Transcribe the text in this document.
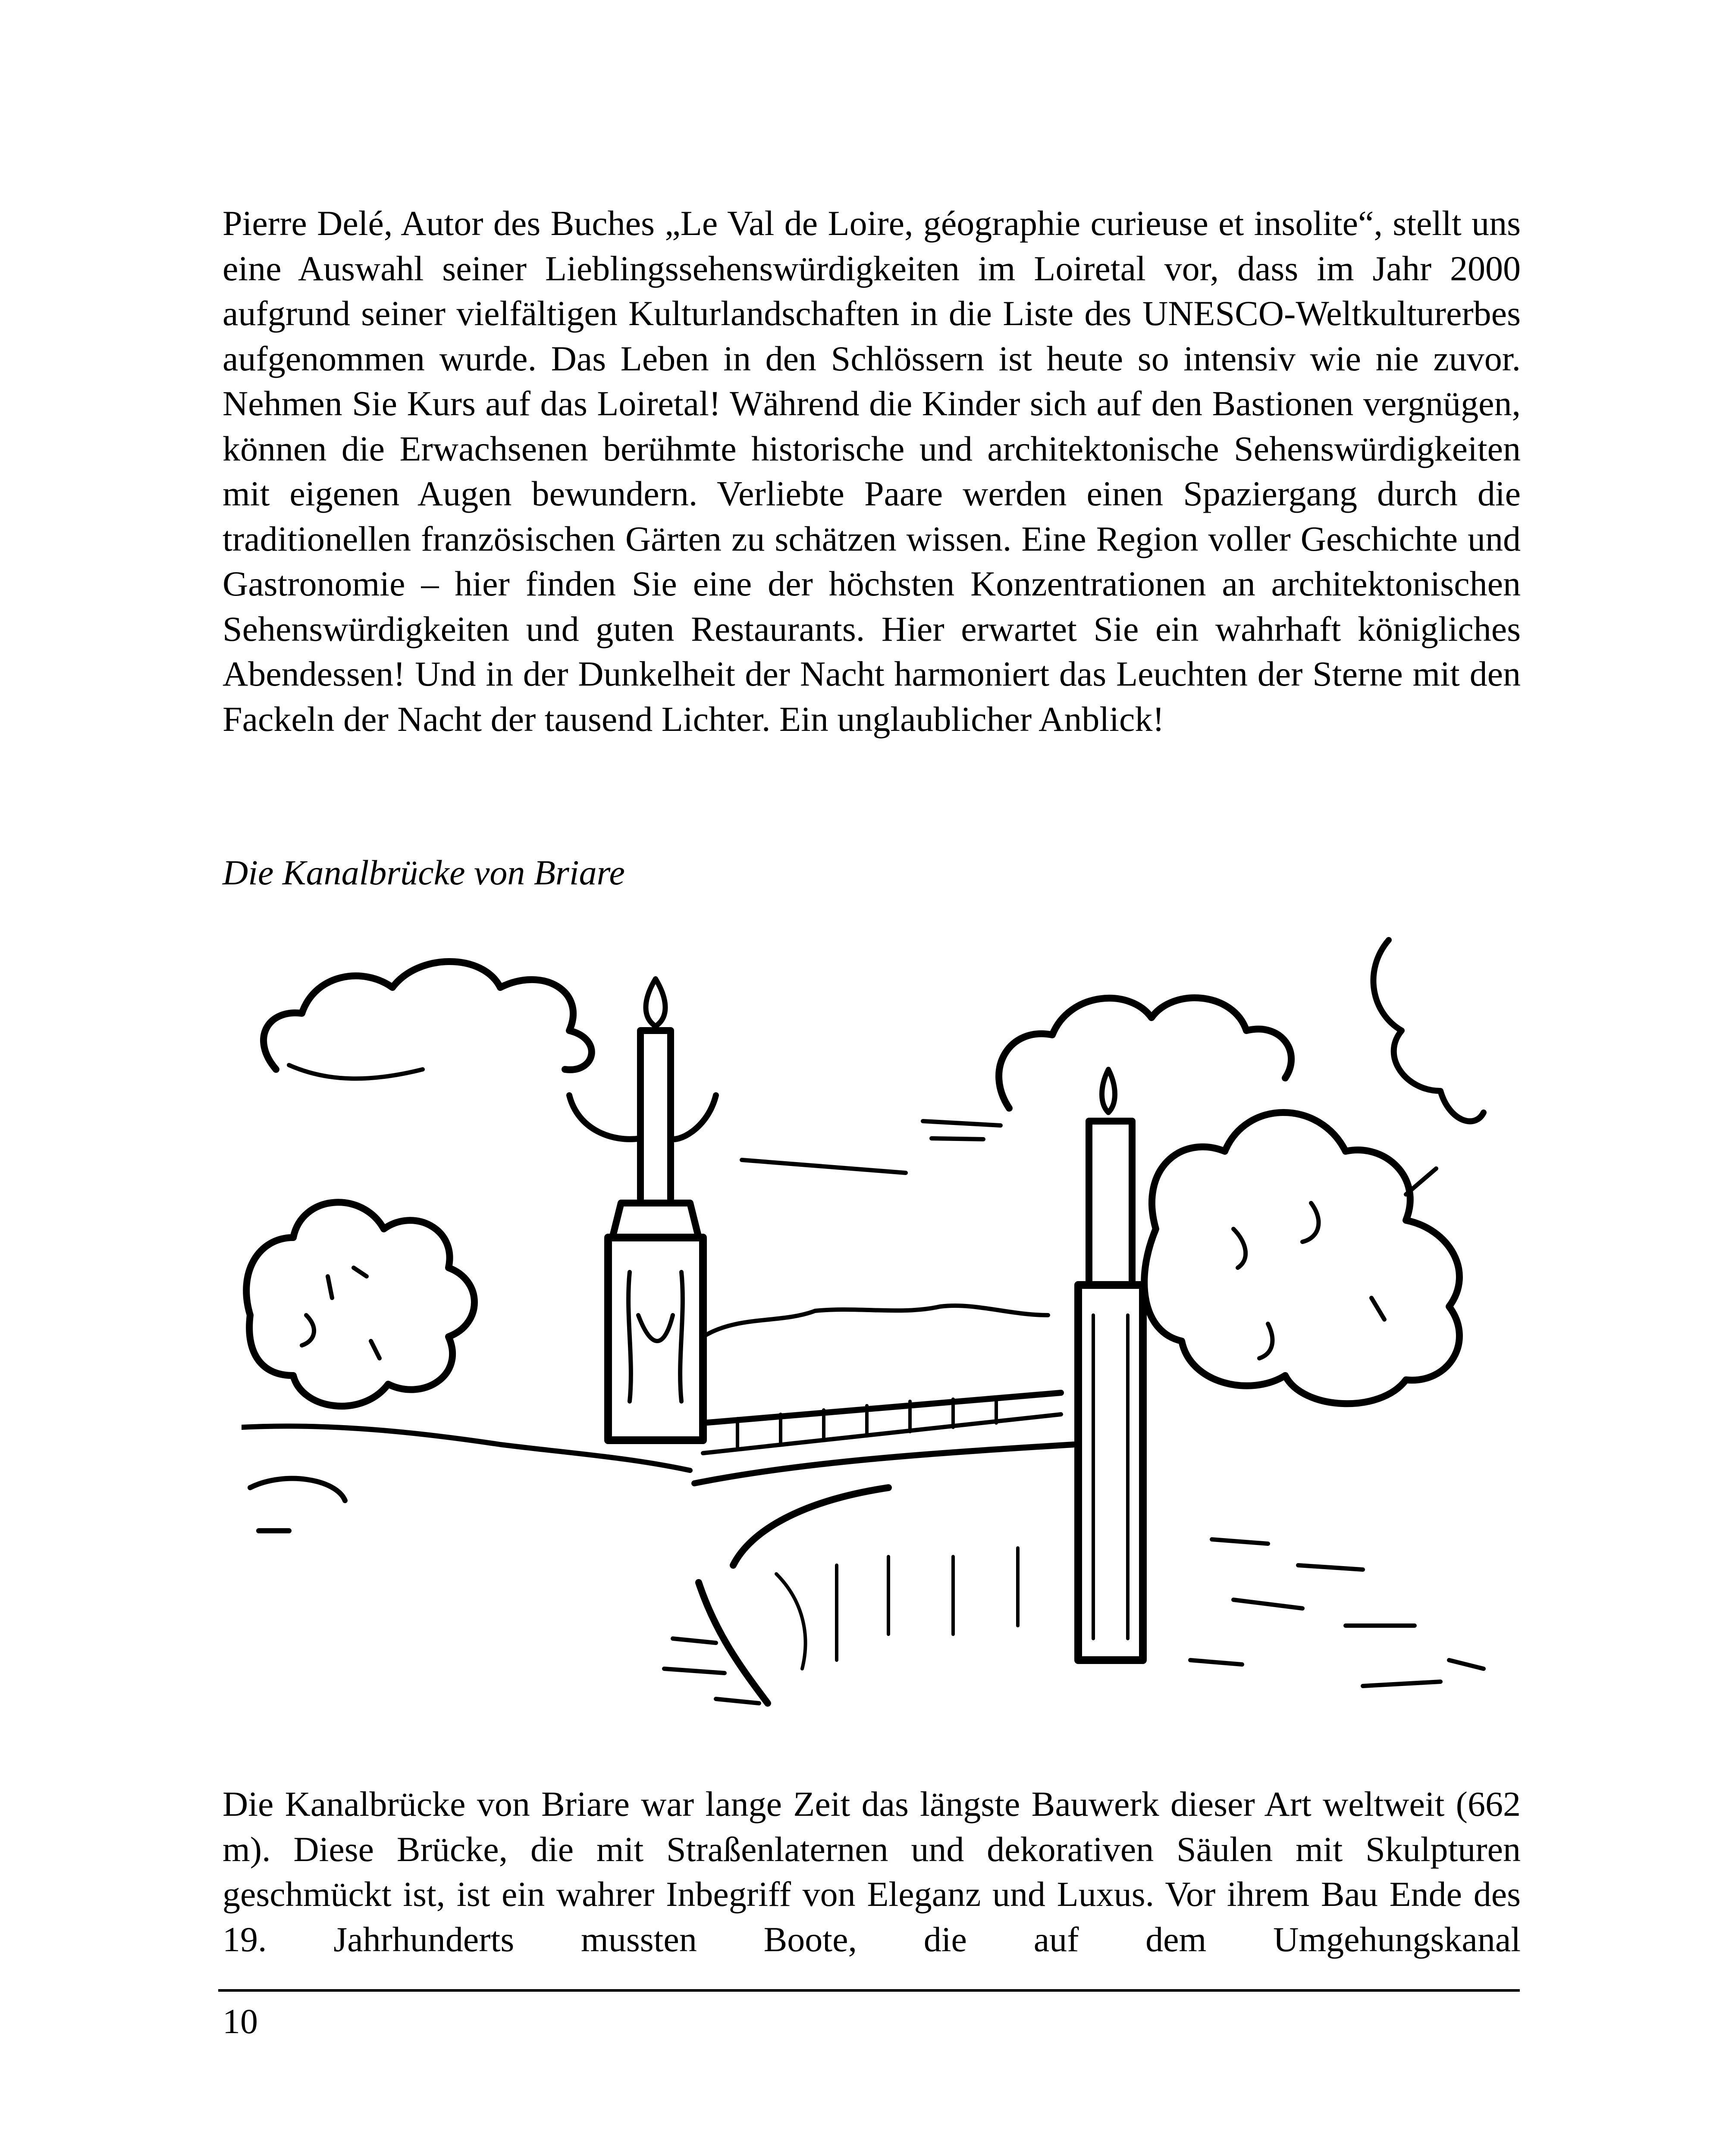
Pierre Delé, Autor des Buches „Le Val de Loire, géographie curieuse et insolite“, stellt uns eine Auswahl seiner Lieblingssehenswürdigkeiten im Loiretal vor, dass im Jahr 2000 aufgrund seiner vielfältigen Kulturlandschaften in die Liste des UNESCO-Weltkulturerbes aufgenommen wurde. Das Leben in den Schlössern ist heute so intensiv wie nie zuvor. Nehmen Sie Kurs auf das Loiretal! Während die Kinder sich auf den Bastionen vergnügen, können die Erwachsenen berühmte historische und architektonische Sehenswürdigkeiten mit eigenen Augen bewundern. Verliebte Paare werden einen Spaziergang durch die traditionellen französischen Gärten zu schätzen wissen. Eine Region voller Geschichte und Gastronomie – hier finden Sie eine der höchsten Konzentrationen an architektonischen Sehenswürdigkeiten und guten Restaurants. Hier erwartet Sie ein wahrhaft königliches Abendessen! Und in der Dunkelheit der Nacht harmoniert das Leuchten der Sterne mit den Fackeln der Nacht der tausend Lichter. Ein unglaublicher Anblick!

Die Kanalbrücke von Briare

Die Kanalbrücke von Briare war lange Zeit das längste Bauwerk dieser Art weltweit (662 m). Diese Brücke, die mit Straßenlaternen und dekorativen Säulen mit Skulpturen geschmückt ist, ist ein wahrer Inbegriff von Eleganz und Luxus. Vor ihrem Bau Ende des 19. Jahrhunderts mussten Boote, die auf dem Umgehungskanal

10
